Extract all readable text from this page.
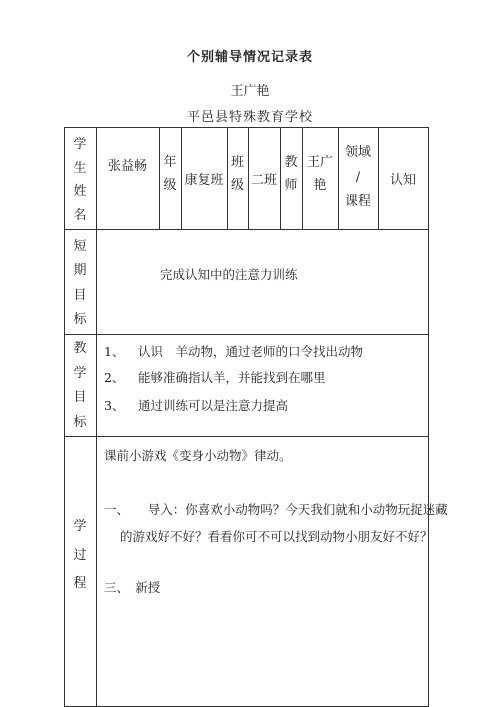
个别辅导情况记录表
王广艳
平邑县特殊教育学校
学
生
姓
名
张益畅	年
级 康复班
班
级 二班
教
师
王广
艳
领域
/
课程
认知
短
期
目
标
完成认知中的注意力训练
教
学
目
标
1、 认识　羊动物，通过老师的口令找出动物
2、 能够准确指认羊，并能找到在哪里
3、 通过训练可以是注意力提高
学
过
程
课前小游戏《变身小动物》律动。
一、　　导入：你喜欢小动物吗？今天我们就和小动物玩捉迷藏
的游戏好不好？看看你可不可以找到动物小朋友好不好？
三、　新授
